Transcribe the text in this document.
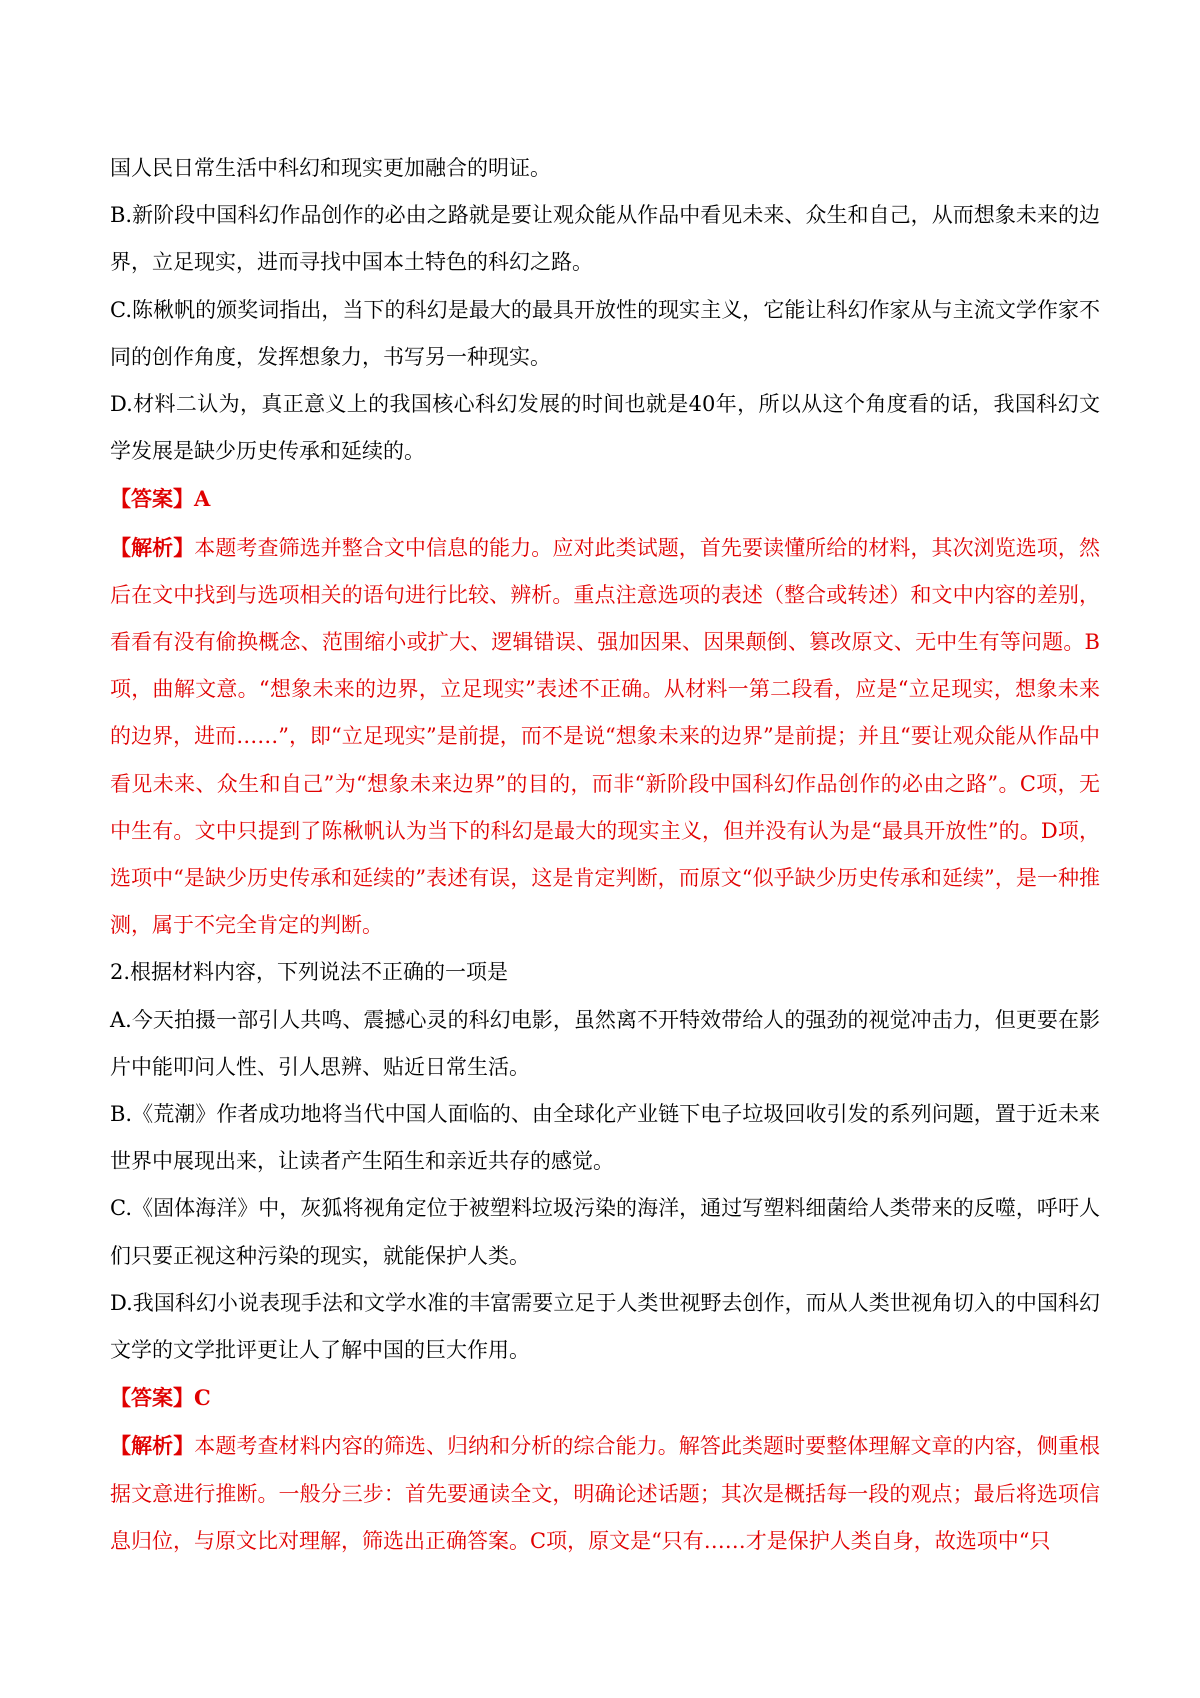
国人民日常生活中科幻和现实更加融合的明证。

B.新阶段中国科幻作品创作的必由之路就是要让观众能从作品中看见未来、众生和自己，从而想象未来的边界，立足现实，进而寻找中国本土特色的科幻之路。

C.陈楸帆的颁奖词指出，当下的科幻是最大的最具开放性的现实主义，它能让科幻作家从与主流文学作家不同的创作角度，发挥想象力，书写另一种现实。

D.材料二认为，真正意义上的我国核心科幻发展的时间也就是40年，所以从这个角度看的话，我国科幻文学发展是缺少历史传承和延续的。

【答案】A

【解析】本题考查筛选并整合文中信息的能力。应对此类试题，首先要读懂所给的材料，其次浏览选项，然后在文中找到与选项相关的语句进行比较、辨析。重点注意选项的表述（整合或转述）和文中内容的差别，看看有没有偷换概念、范围缩小或扩大、逻辑错误、强加因果、因果颠倒、篡改原文、无中生有等问题。B项，曲解文意。“想象未来的边界，立足现实”表述不正确。从材料一第二段看，应是“立足现实，想象未来的边界，进而……”，即“立足现实”是前提，而不是说“想象未来的边界”是前提；并且“要让观众能从作品中看见未来、众生和自己”为“想象未来边界”的目的，而非“新阶段中国科幻作品创作的必由之路”。C项，无中生有。文中只提到了陈楸帆认为当下的科幻是最大的现实主义，但并没有认为是“最具开放性”的。D项，选项中“是缺少历史传承和延续的”表述有误，这是肯定判断，而原文“似乎缺少历史传承和延续”，是一种推测，属于不完全肯定的判断。

2.根据材料内容，下列说法不正确的一项是

A.今天拍摄一部引人共鸣、震撼心灵的科幻电影，虽然离不开特效带给人的强劲的视觉冲击力，但更要在影片中能叩问人性、引人思辨、贴近日常生活。

B.《荒潮》作者成功地将当代中国人面临的、由全球化产业链下电子垃圾回收引发的系列问题，置于近未来世界中展现出来，让读者产生陌生和亲近共存的感觉。

C.《固体海洋》中，灰狐将视角定位于被塑料垃圾污染的海洋，通过写塑料细菌给人类带来的反噬，呼吁人们只要正视这种污染的现实，就能保护人类。

D.我国科幻小说表现手法和文学水准的丰富需要立足于人类世视野去创作，而从人类世视角切入的中国科幻文学的文学批评更让人了解中国的巨大作用。

【答案】C

【解析】本题考查材料内容的筛选、归纳和分析的综合能力。解答此类题时要整体理解文章的内容，侧重根据文意进行推断。一般分三步：首先要通读全文，明确论述话题；其次是概括每一段的观点；最后将选项信息归位，与原文比对理解，筛选出正确答案。C项，原文是“只有……才是保护人类自身，故选项中“只
